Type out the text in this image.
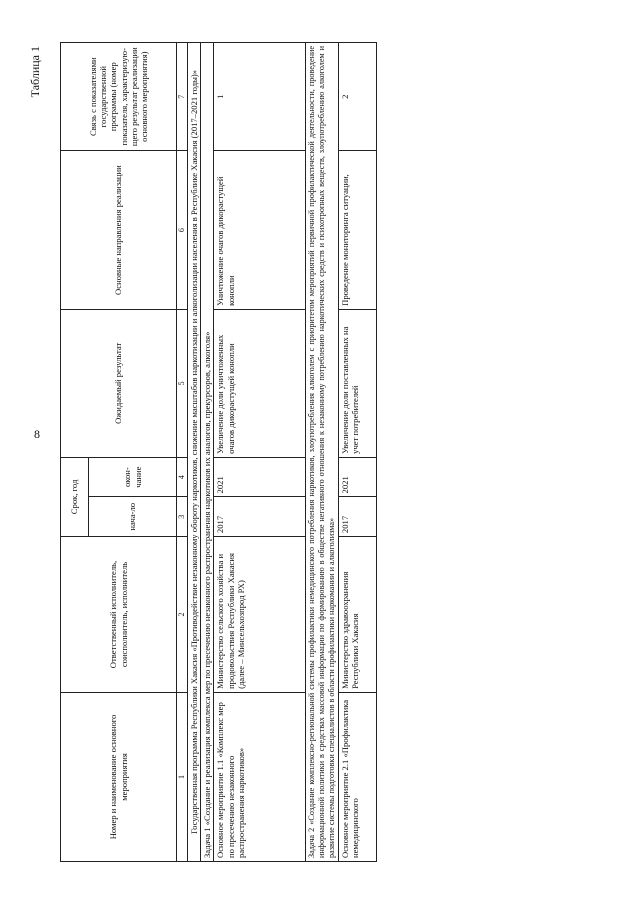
8
Таблица 1
Номер и наименование основного мероприятия	Ответственный исполнитель, соисполнитель, исполнитель	Срок, год		Ожидаемый результат	Основные направления реализации	Связь с показателями государственной программы (номер показателя, характеризую-щего результат реализации основного мероприятия)
		нача-ло	окон-чание			
1	2	3	4	5	6	7
Государственная программа Республики Хакасия «Противодействие незаконному обороту наркотиков, снижение масштабов наркотизации и алкоголизации населения в Республике Хакасия (2017–2021 годы)»						
Задача 1 «Создание и реализация комплекса мер по пресечению незаконного распространения наркотиков их аналогов, прекурсоров, алкоголя»						
Основное мероприятие 1.1 «Комплекс мер по пресечению незаконного распространения наркотиков»	Министерство сельского хозяйства и продовольствия Республики Хакасия (далее – Минсельхозпрод РХ)	2017	2021	Увеличение доли уничтоженных очагов дикорастущей конопли	Уничтожение очагов дикорастущей конопли	1
Задача 2 «Создание комплексно-региональной системы профилактики немедицинского потребления наркотиков, злоупотребления алкоголем с приоритетом мероприятий первичной профилактической деятельности, проведение информационной политики в средствах массовой информации по формированию в обществе негативного отношения к незаконному потреблению наркотических средств и психотропных веществ, злоупотреблению алкоголем и развитие системы подготовки специалистов в области профилактики наркомании и алкоголизма»						
Основное мероприятие 2.1 «Профилактика немедицинского	Министерство здравоохранения Республики Хакасия	2017	2021	Увеличение доли поставленных на учет потребителей	Проведение мониторинга ситуации,	2
